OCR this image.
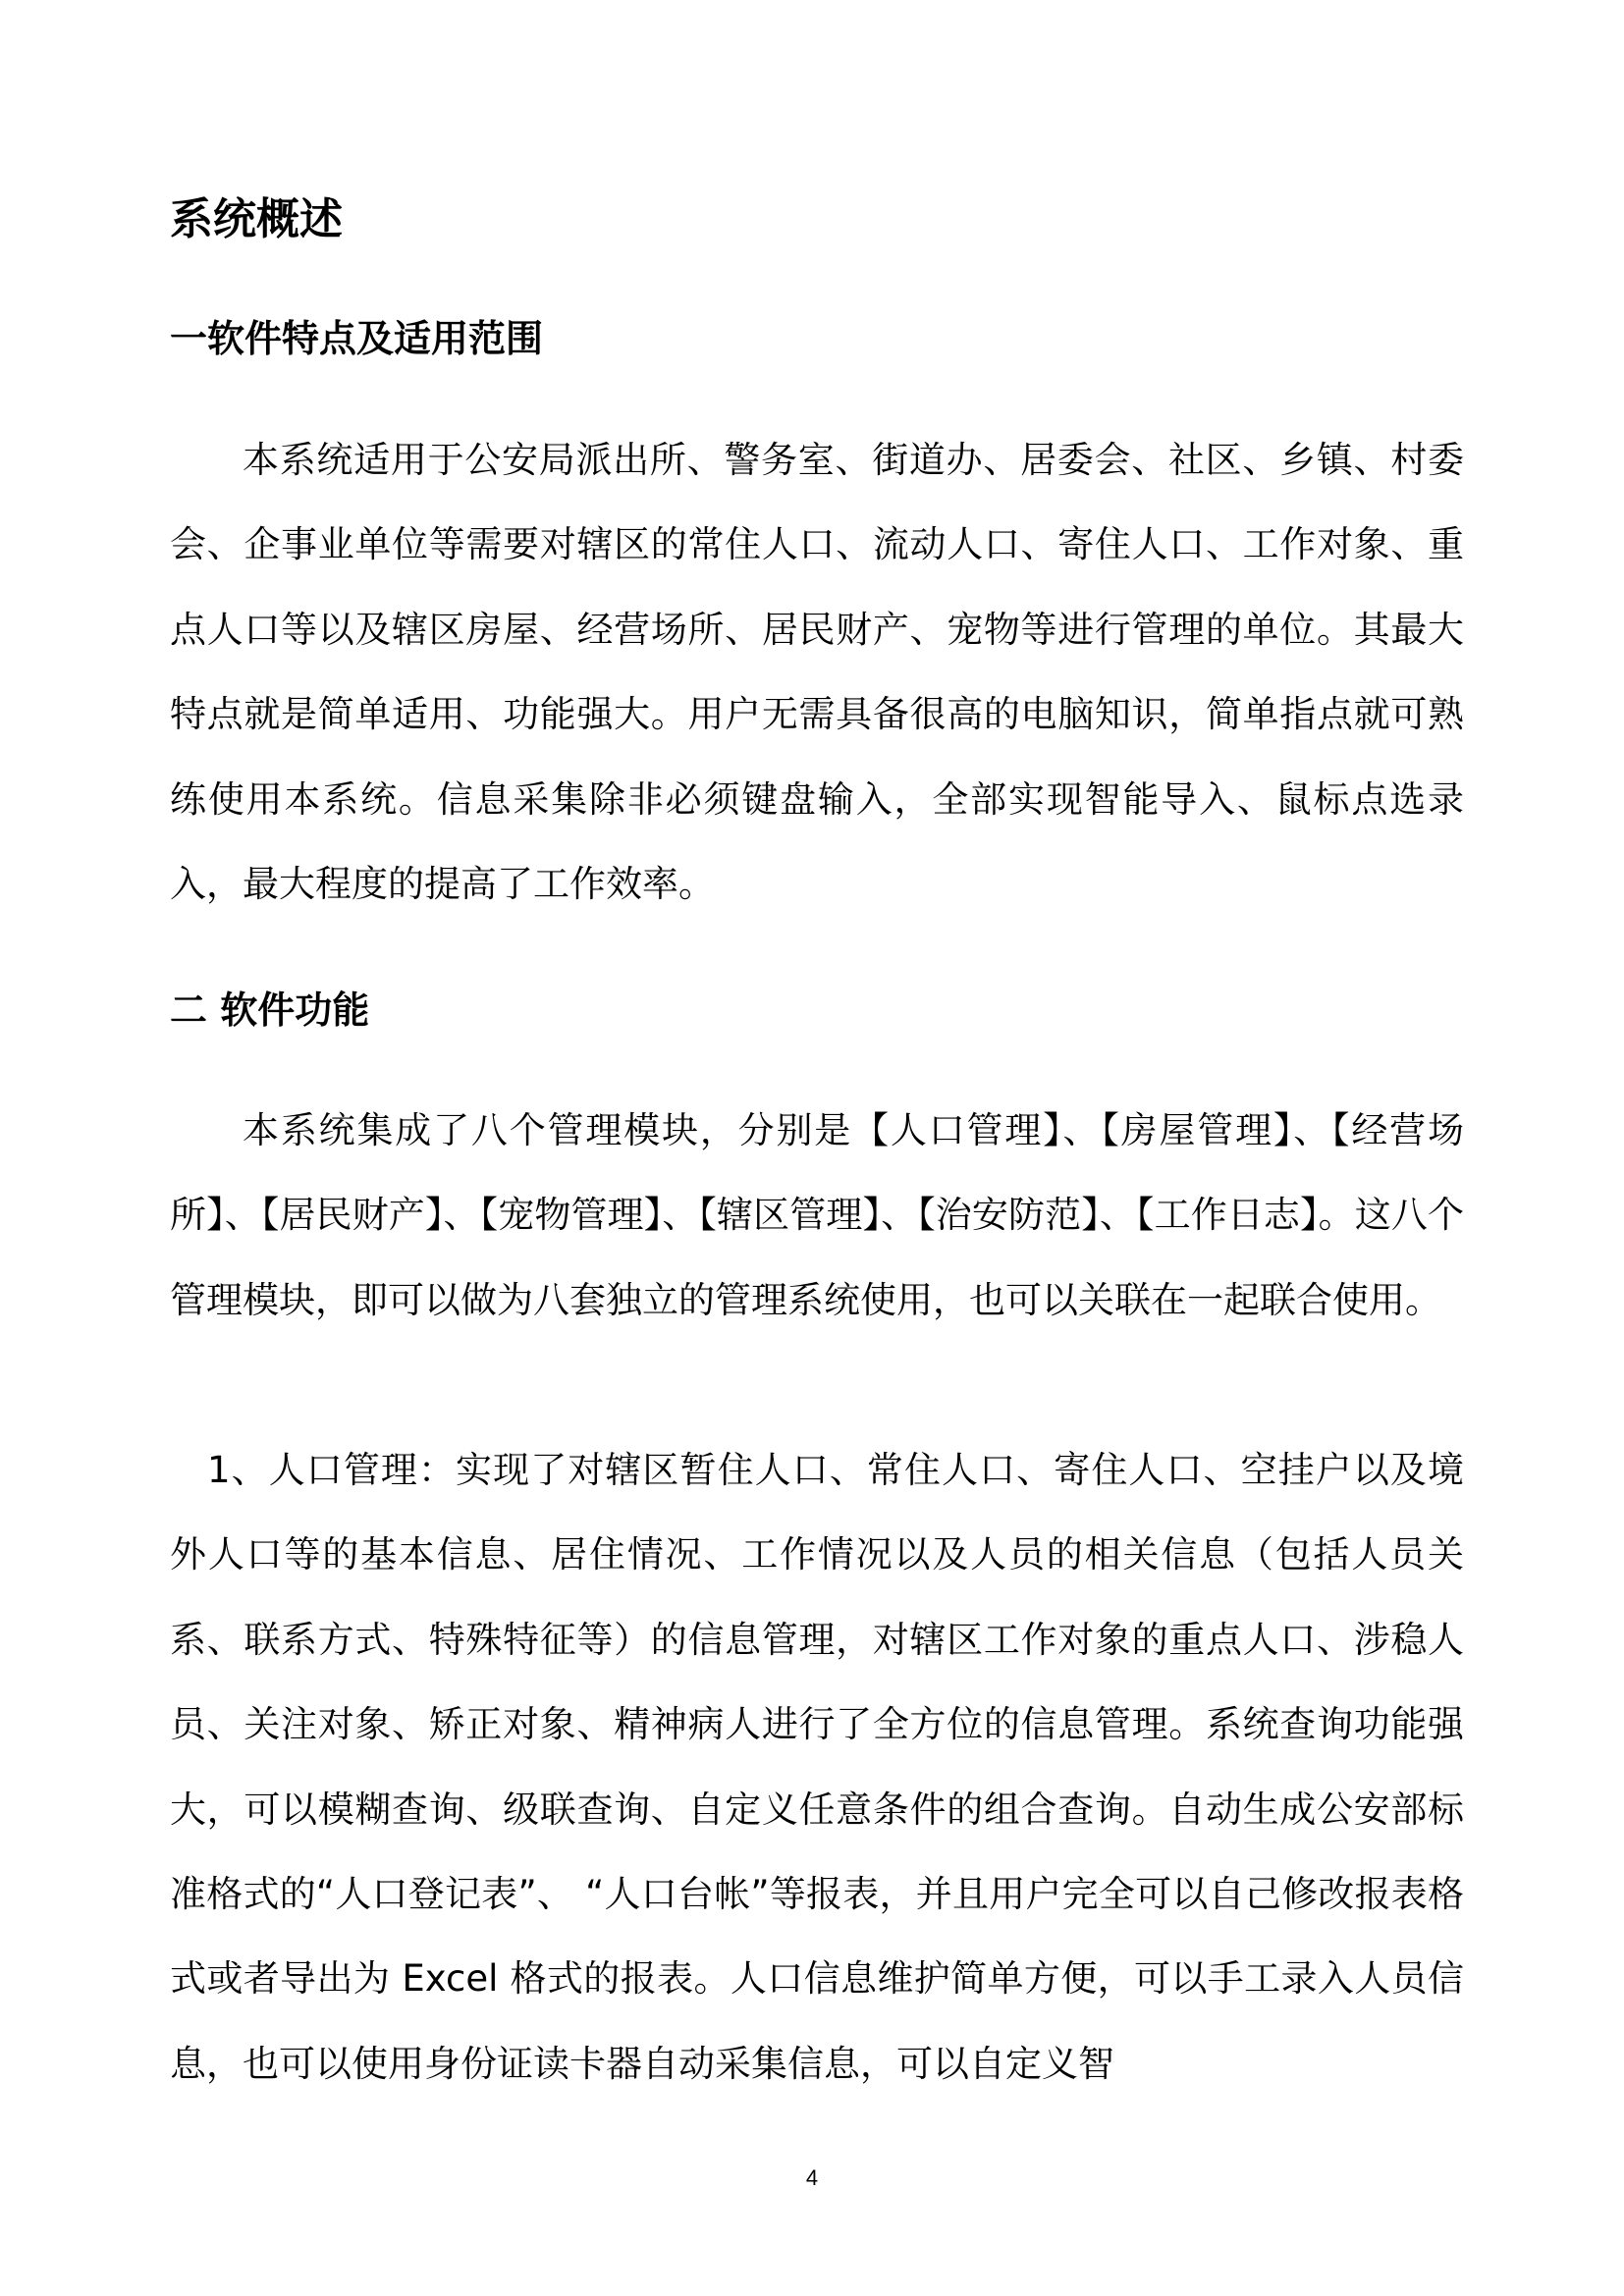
系统概述
一软件特点及适用范围

本系统适用于公安局派出所、警务室、街道办、居委会、社区、乡镇、村委会、企事业单位等需要对辖区的常住人口、流动人口、寄住人口、工作对象、重点人口等以及辖区房屋、经营场所、居民财产、宠物等进行管理的单位。其最大特点就是简单适用、功能强大。用户无需具备很高的电脑知识，简单指点就可熟练使用本系统。信息采集除非必须键盘输入，全部实现智能导入、鼠标点选录入，最大程度的提高了工作效率。

二 软件功能

本系统集成了八个管理模块，分别是【人口管理】、【房屋管理】、【经营场所】、【居民财产】、【宠物管理】、【辖区管理】、【治安防范】、【工作日志】。这八个管理模块，即可以做为八套独立的管理系统使用，也可以关联在一起联合使用。

1、人口管理：实现了对辖区暂住人口、常住人口、寄住人口、空挂户以及境外人口等的基本信息、居住情况、工作情况以及人员的相关信息（包括人员关系、联系方式、特殊特征等）的信息管理，对辖区工作对象的重点人口、涉稳人员、关注对象、矫正对象、精神病人进行了全方位的信息管理。系统查询功能强大，可以模糊查询、级联查询、自定义任意条件的组合查询。自动生成公安部标准格式的“人口登记表”、 “人口台帐”等报表，并且用户完全可以自己修改报表格式或者导出为 Excel 格式的报表。人口信息维护简单方便，可以手工录入人员信息，也可以使用身份证读卡器自动采集信息，可以自定义智

4
